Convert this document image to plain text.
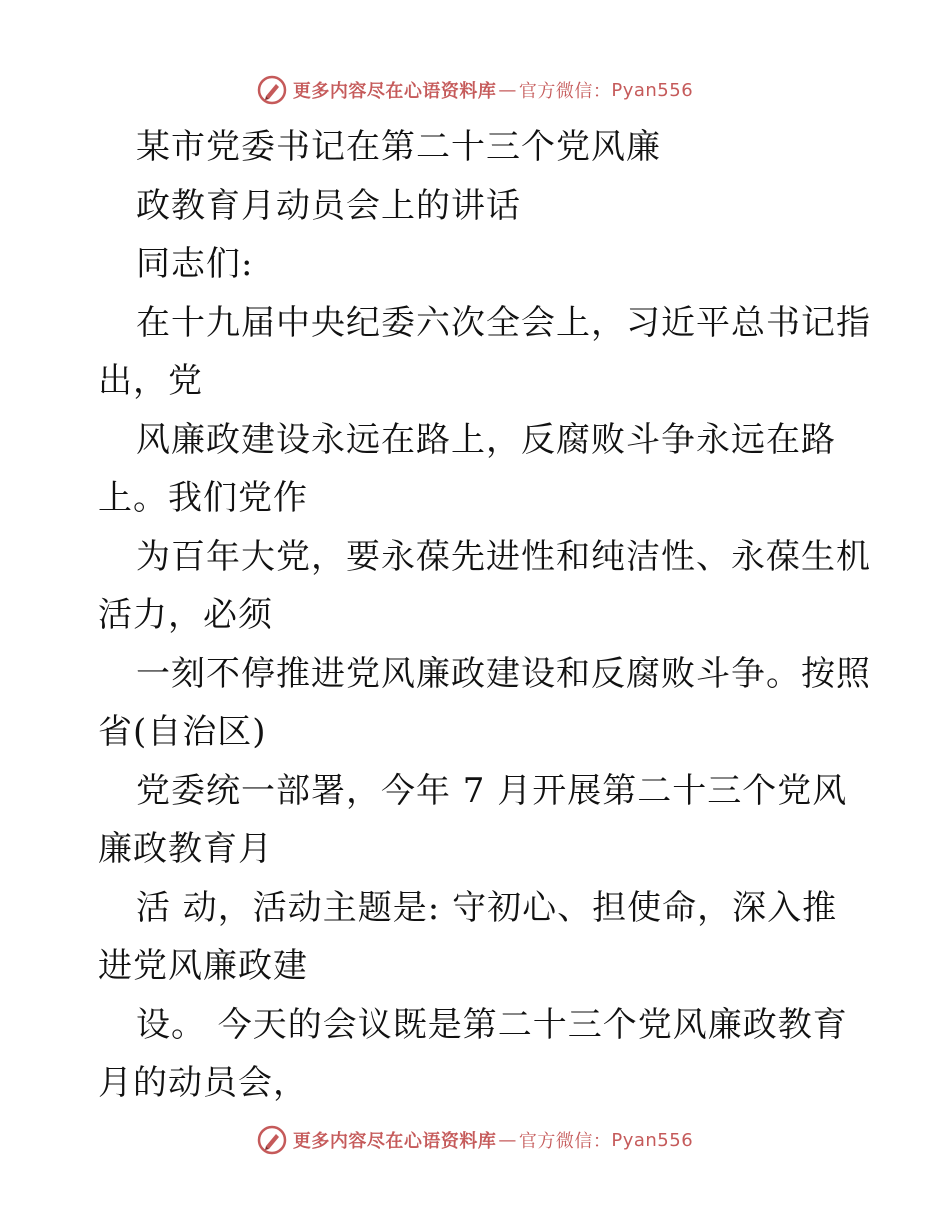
更多内容尽在心语资料库 — 官方微信： Pyan556
某市党委书记在第二十三个党风廉
政教育月动员会上的讲话
同志们:
在十九届中央纪委六次全会上，习近平总书记指
出，党
风廉政建设永远在路上，反腐败斗争永远在路
上。我们党作
为百年大党，要永葆先进性和纯洁性、永葆生机
活力，必须
一刻不停推进党风廉政建设和反腐败斗争。按照
省(自治区)
党委统一部署，今年 7 月开展第二十三个党风
廉政教育月
活 动，活动主题是: 守初心、担使命，深入推
进党风廉政建
设。 今天的会议既是第二十三个党风廉政教育
月的动员会，
更多内容尽在心语资料库 — 官方微信： Pyan556
